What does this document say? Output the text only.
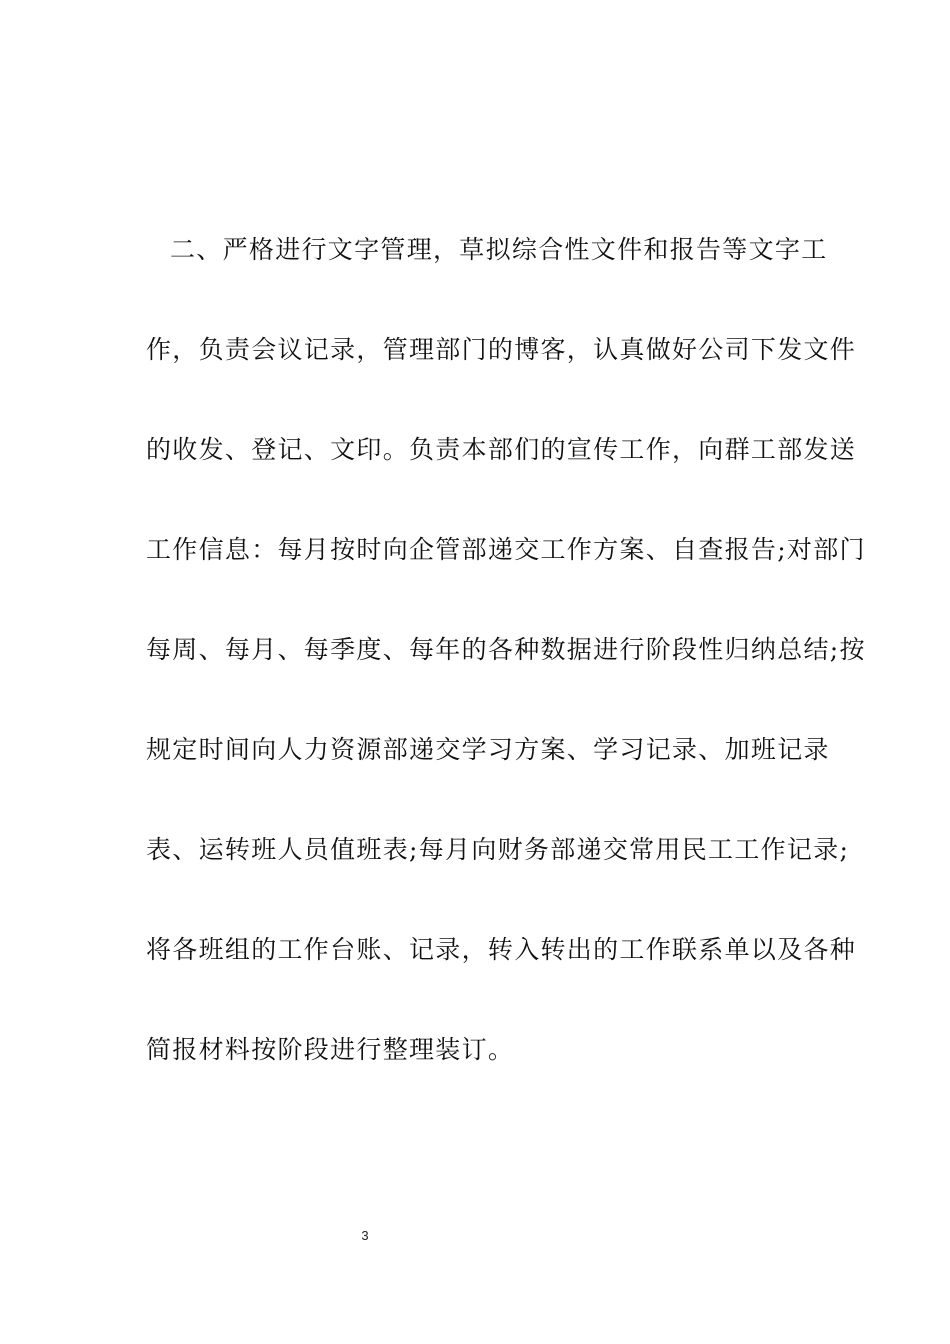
二、严格进行文字管理，草拟综合性文件和报告等文字工
作，负责会议记录，管理部门的博客，认真做好公司下发文件
的收发、登记、文印。负责本部们的宣传工作，向群工部发送
工作信息：每月按时向企管部递交工作方案、自查报告;对部门
每周、每月、每季度、每年的各种数据进行阶段性归纳总结;按
规定时间向人力资源部递交学习方案、学习记录、加班记录
表、运转班人员值班表;每月向财务部递交常用民工工作记录;
将各班组的工作台账、记录，转入转出的工作联系单以及各种
简报材料按阶段进行整理装订。
3
